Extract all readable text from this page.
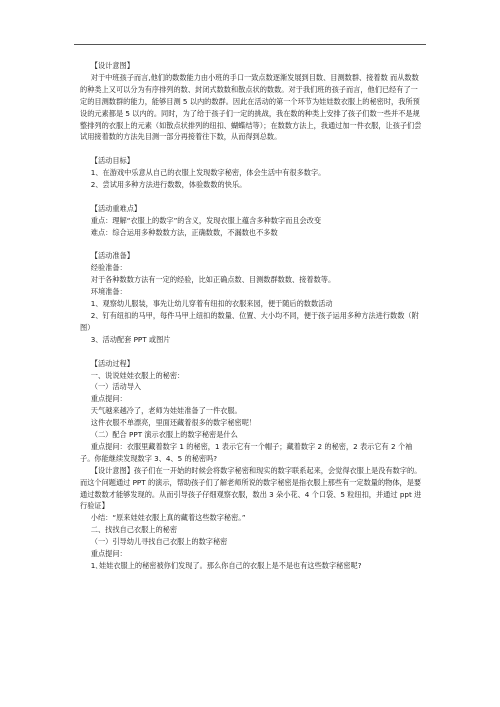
【设计意图】

对于中班孩子而言,他们的数数能力由小班的手口一致点数逐渐发展到目数、目测数群、接着数 而从数数的种类上又可以分为有序排列的数、封闭式数数和散点状的数数。对于我们班的孩子而言，他们已经有了一定的目测数群的能力，能够目测 5 以内的数群。因此在活动的第一个环节为娃娃数衣服上的秘密时，我所预设的元素都是 5 以内的。同时，为了给于孩子们一定的挑战，我在数的种类上安排了孩子们数一些并不是规整排列的衣服上的元素（如散点状排列的纽扣、蝴蝶结等）；在数数方法上，我通过加一件衣服，让孩子们尝试用接着数的方法先目测一部分再接着往下数，从而得到总数。

【活动目标】

1、在游戏中乐意从自己的衣服上发现数字秘密，体会生活中有很多数字。

2、尝试用多种方法进行数数，体验数数的快乐。

【活动重难点】

重点：理解“衣服上的数字”的含义，发现衣服上蕴含多种数字而且会改变

难点：综合运用多种数数方法，正确数数，不漏数也不多数

【活动准备】

经验准备：

对于各种数数方法有一定的经验，比如正确点数、目测数群数数、接着数等。

环境准备：

1、观察幼儿服装，事先让幼儿穿着有纽扣的衣服来园，便于随后的数数活动

2、钉有纽扣的马甲，每件马甲上纽扣的数量、位置、大小均不同，便于孩子运用多种方法进行数数（附图）

3、活动配套 PPT 或图片

【活动过程】

一、说说娃娃衣服上的秘密：

（一）活动导入

重点提问：

天气越来越冷了，老师为娃娃准备了一件衣服。

这件衣服不单漂亮，里面还藏着很多的数字秘密呢！

（二）配合 PPT 演示衣服上的数字秘密是什么

重点提问：衣服里藏着数字 1 的秘密，1 表示它有一个帽子；藏着数字 2 的秘密，2 表示它有 2 个袖子。你能继续发现数字 3、4、5 的秘密吗?

【设计意图】孩子们在一开始的时候会将数字秘密和现实的数字联系起来，会觉得衣服上是没有数字的。而这个问题通过 PPT 的演示，帮助孩子们了解老师所说的数字秘密是指衣服上那些有一定数量的物体，是要通过数数才能够发现的。从而引导孩子仔细观察衣服，数出 3 朵小花、4 个口袋、5 粒纽扣，并通过 ppt 进行验证】

小结：“原来娃娃衣服上真的藏着这些数字秘密。”

二、找找自己衣服上的秘密

（一）引导幼儿寻找自己衣服上的数字秘密

重点提问：

1､娃娃衣服上的秘密被你们发现了。那么你自己的衣服上是不是也有这些数字秘密呢?
